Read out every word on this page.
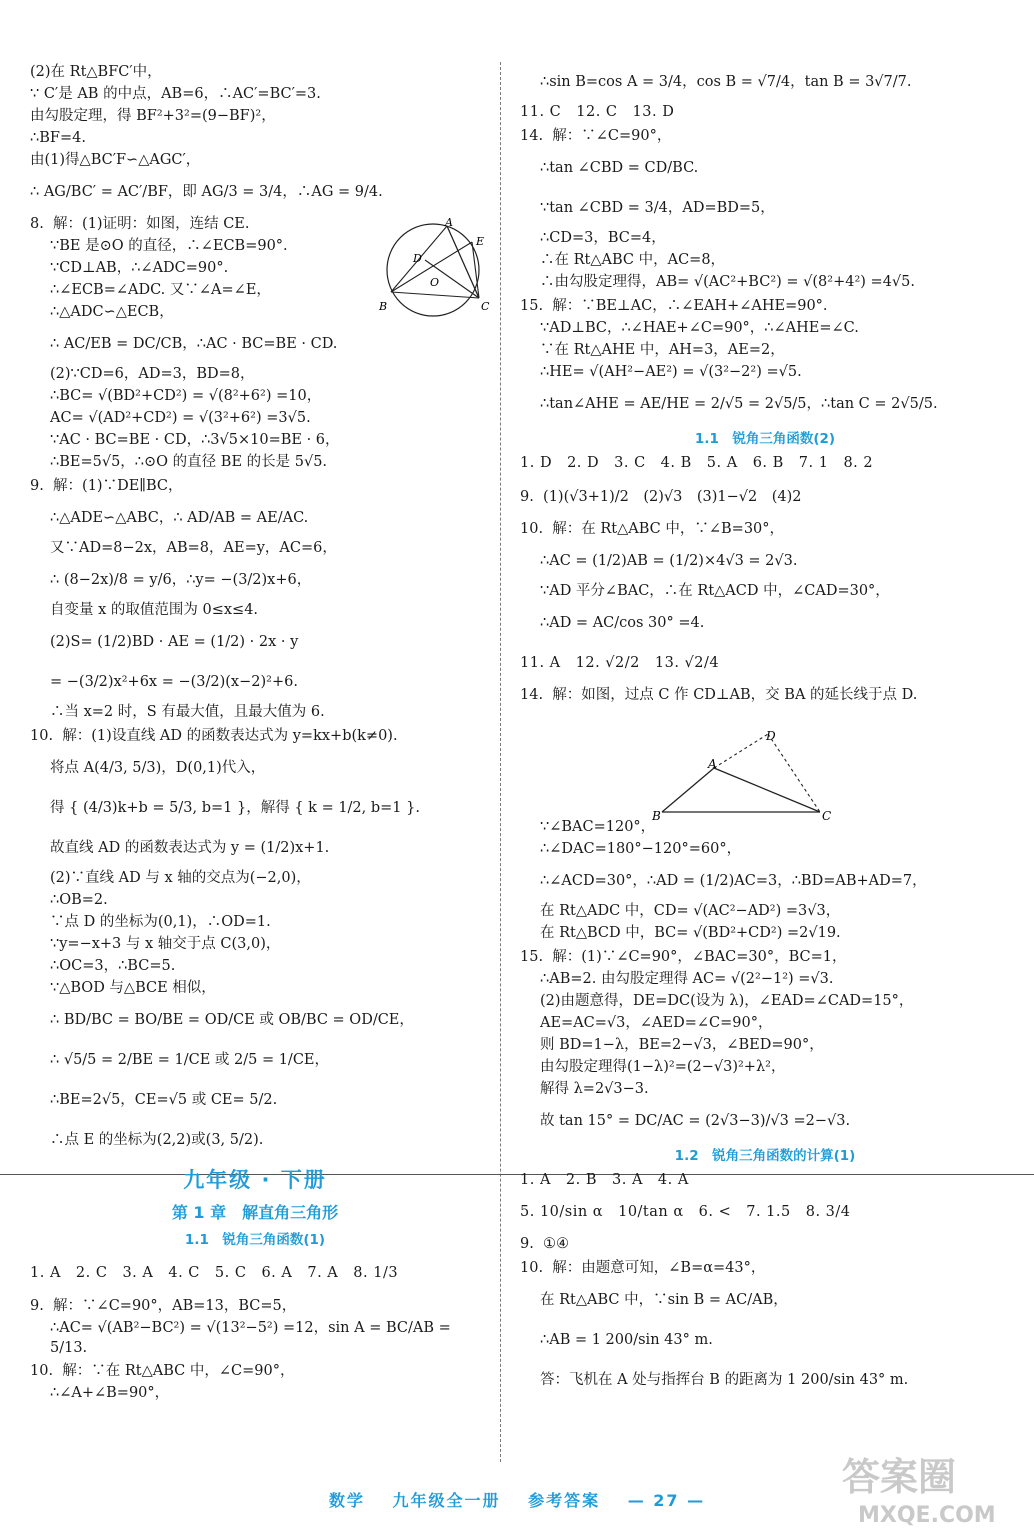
(2)在 Rt△BFC′中，
∵ C′是 AB 的中点，AB=6，∴AC′=BC′=3.
由勾股定理，得 BF²+3²=(9−BF)²，
∴BF=4.
由(1)得△BC′F∽△AGC′，
∴ AG/BC′ = AC′/BF，即 AG/3 = 3/4，∴AG = 9/4.
8.  解：(1)证明：如图，连结 CE.
∵BE 是⊙O 的直径，∴∠ECB=90°.
∵CD⊥AB，∴∠ADC=90°.
∴∠ECB=∠ADC. 又∵∠A=∠E，
∴△ADC∽△ECB，
∴ AC/EB = DC/CB，∴AC · BC=BE · CD.
(2)∵CD=6，AD=3，BD=8，
∴BC= √(BD²+CD²) = √(8²+6²) =10，
AC= √(AD²+CD²) = √(3²+6²) =3√5.
∵AC · BC=BE · CD，∴3√5×10=BE · 6，
∴BE=5√5，∴⊙O 的直径 BE 的长是 5√5.
9.  解：(1)∵DE∥BC，
∴△ADE∽△ABC，∴ AD/AB = AE/AC.
又∵AD=8−2x，AB=8，AE=y，AC=6，
∴ (8−2x)/8 = y/6，∴y= −(3/2)x+6，
自变量 x 的取值范围为 0≤x≤4.
(2)S= (1/2)BD · AE = (1/2) · 2x · y
= −(3/2)x²+6x = −(3/2)(x−2)²+6.
∴当 x=2 时，S 有最大值，且最大值为 6.
10.  解：(1)设直线 AD 的函数表达式为 y=kx+b(k≠0).
将点 A(4/3, 5/3)，D(0,1)代入，
得 { (4/3)k+b = 5/3, b=1 }，解得 { k = 1/2, b=1 }.
故直线 AD 的函数表达式为 y = (1/2)x+1.
(2)∵直线 AD 与 x 轴的交点为(−2,0)，
∴OB=2.
∵点 D 的坐标为(0,1)，∴OD=1.
∵y=−x+3 与 x 轴交于点 C(3,0)，
∴OC=3，∴BC=5.
∵△BOD 与△BCE 相似，
∴ BD/BC = BO/BE = OD/CE 或 OB/BC = OD/CE，
∴ √5/5 = 2/BE = 1/CE 或 2/5 = 1/CE，
∴BE=2√5，CE=√5 或 CE= 5/2.
∴点 E 的坐标为(2,2)或(3, 5/2).
九年级 · 下册
第 1 章　解直角三角形
1.1　锐角三角函数(1)
1. A　2. C　3. A　4. C　5. C　6. A　7. A　8. 1/3
9.  解：∵∠C=90°，AB=13，BC=5，
∴AC= √(AB²−BC²) = √(13²−5²) =12，sin A = BC/AB = 5/13.
10.  解：∵在 Rt△ABC 中，∠C=90°，
∴∠A+∠B=90°，
A
E
D
O
B	C
∴sin B=cos A = 3/4，cos B = √7/4，tan B = 3√7/7.
11. C　12. C　13. D
14.  解：∵∠C=90°，
∴tan ∠CBD = CD/BC.
∵tan ∠CBD = 3/4，AD=BD=5，
∴CD=3，BC=4，
∴在 Rt△ABC 中，AC=8，
∴由勾股定理得，AB= √(AC²+BC²) = √(8²+4²) =4√5.
15.  解：∵BE⊥AC，∴∠EAH+∠AHE=90°.
∵AD⊥BC，∴∠HAE+∠C=90°，∴∠AHE=∠C.
∵在 Rt△AHE 中，AH=3，AE=2，
∴HE= √(AH²−AE²) = √(3²−2²) =√5.
∴tan∠AHE = AE/HE = 2/√5 = 2√5/5，∴tan C = 2√5/5.
1.1　锐角三角函数(2)
1. D　2. D　3. C　4. B　5. A　6. B　7. 1　8. 2
9.  (1)(√3+1)/2　(2)√3　(3)1−√2　(4)2
10.  解：在 Rt△ABC 中，∵∠B=30°，
∴AC = (1/2)AB = (1/2)×4√3 = 2√3.
∵AD 平分∠BAC，∴在 Rt△ACD 中，∠CAD=30°，
∴AD = AC/cos 30° =4.
11. A　12. √2/2　13. √2/4
14.  解：如图，过点 C 作 CD⊥AB，交 BA 的延长线于点 D.
∵∠BAC=120°，
∴∠DAC=180°−120°=60°，
∴∠ACD=30°，∴AD = (1/2)AC=3，∴BD=AB+AD=7，
在 Rt△ADC 中，CD= √(AC²−AD²) =3√3，
在 Rt△BCD 中，BC= √(BD²+CD²) =2√19.
15.  解：(1)∵∠C=90°，∠BAC=30°，BC=1，
∴AB=2. 由勾股定理得 AC= √(2²−1²) =√3.
(2)由题意得，DE=DC(设为 λ)，∠EAD=∠CAD=15°，
AE=AC=√3，∠AED=∠C=90°，
则 BD=1−λ，BE=2−√3，∠BED=90°，
由勾股定理得(1−λ)²=(2−√3)²+λ²，
解得 λ=2√3−3.
故 tan 15° = DC/AC = (2√3−3)/√3 =2−√3.
1.2　锐角三角函数的计算(1)
1. A　2. B　3. A　4. A
5. 10/sin α　10/tan α　6. <　7. 1.5　8. 3/4
9.  ①④
10.  解：由题意可知，∠B=α=43°，
在 Rt△ABC 中，∵sin B = AC/AB，
∴AB = 1 200/sin 43° m.
答：飞机在 A 处与指挥台 B 的距离为 1 200/sin 43° m.
D
A
B	C
数学 九年级全一册 参考答案 — 27 —
答案圈
MXQE.COM
